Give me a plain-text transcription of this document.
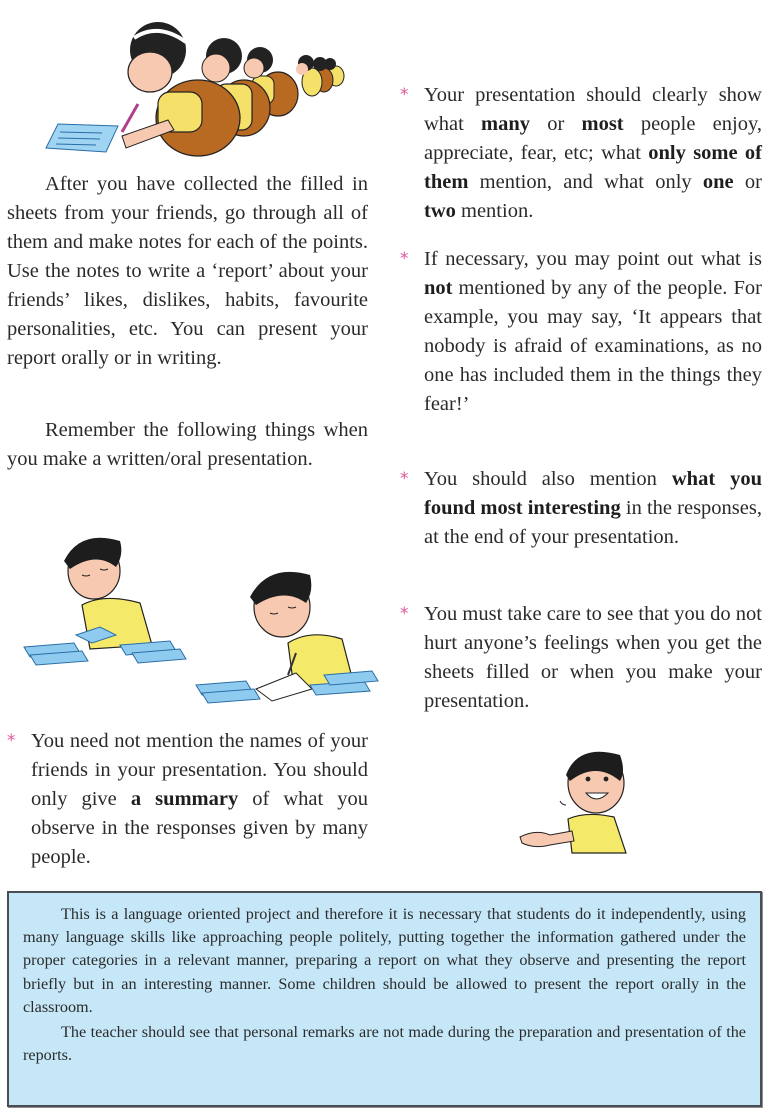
After you have collected the filled in sheets from your friends, go through all of them and make notes for each of the points. Use the notes to write a ‘report’ about your friends’ likes, dislikes, habits, favourite personalities, etc. You can present your report orally or in writing.
Remember the following things when you make a written/oral presentation.
* You need not mention the names of your friends in your presentation. You should only give a summary of what you observe in the responses given by many people.
* Your presentation should clearly show what many or most people enjoy, appreciate, fear, etc; what only some of them mention, and what only one or two mention.
* If necessary, you may point out what is not mentioned by any of the people. For example, you may say, ‘It appears that nobody is afraid of examinations, as no one has included them in the things they fear!’
* You should also mention what you found most interesting in the responses, at the end of your presentation.
* You must take care to see that you do not hurt anyone’s feelings when you get the sheets filled or when you make your presentation.

This is a language oriented project and therefore it is necessary that students do it independently, using many language skills like approaching people politely, putting together the information gathered under the proper categories in a relevant manner, preparing a report on what they observe and presenting the report briefly but in an interesting manner. Some children should be allowed to present the report orally in the classroom.

The teacher should see that personal remarks are not made during the preparation and presentation of the reports.
